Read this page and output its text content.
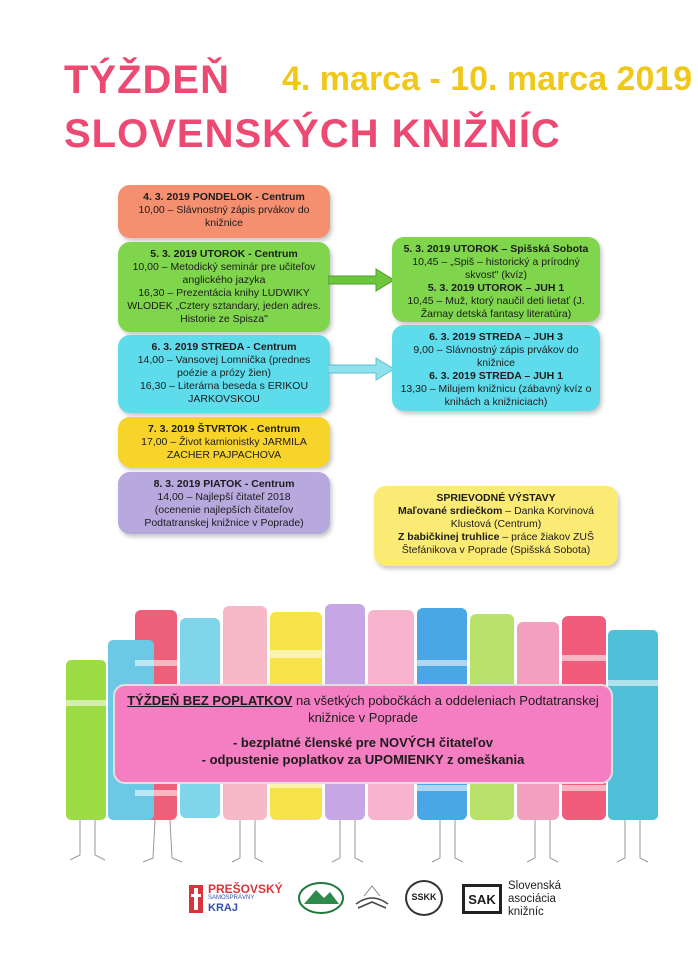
TÝŽDEŇ 4. marca - 10. marca 2019
SLOVENSKÝCH KNIŽNÍC
4. 3. 2019 PONDELOK - Centrum
10,00 – Slávnostný zápis prvákov do knižnice
5. 3. 2019 UTOROK - Centrum
10,00 – Metodický seminár pre učiteľov anglického jazyka
16,30 – Prezentácia knihy LUDWIKY WLODEK „Cztery sztandary, jeden adres. Historie ze Spisza"
6. 3. 2019 STREDA - Centrum
14,00 – Vansovej Lomnička (prednes poézie a prózy žien)
16,30 – Literárna beseda s ERIKOU JARKOVSKOU
7. 3. 2019 ŠTVRTOK - Centrum
17,00 – Život kamionistky JARMILA ZACHER PAJPACHOVA
8. 3. 2019 PIATOK - Centrum
14,00 – Najlepší čitateľ 2018
(ocenenie najlepších čitateľov Podtatranskej knižnice v Poprade)
5. 3. 2019 UTOROK – Spišská Sobota
10,45 – „Spiš – historický a prírodný skvost" (kvíz)
5. 3. 2019 UTOROK – JUH 1
10,45 – Muž, ktorý naučil deti lietať (J. Žarnay detská fantasy literatúra)
6. 3. 2019 STREDA – JUH 3
9,00 – Slávnostný zápis prvákov do knižnice
6. 3. 2019 STREDA – JUH 1
13,30 – Milujem knižnicu (zábavný kvíz o knihách a knižniciach)
SPRIEVODNÉ VÝSTAVY
Maľované srdiečkom – Danka Korvinová Klustová (Centrum)
Z babičkinej truhlice – práce žiakov ZUŠ Štefánikova v Poprade (Spišská Sobota)
TÝŽDEŇ BEZ POPLATKOV na všetkých pobočkách a oddeleniach Podtatranskej knižnice v Poprade
- bezplatné členské pre NOVÝCH čitateľov
- odpustenie poplatkov za UPOMIENKY z omeškania
PREŠOVSKÝ
SAMOSPRÁVNY
KRAJ
SSKK	SAK
Slovenská
asociácia
knižníc
